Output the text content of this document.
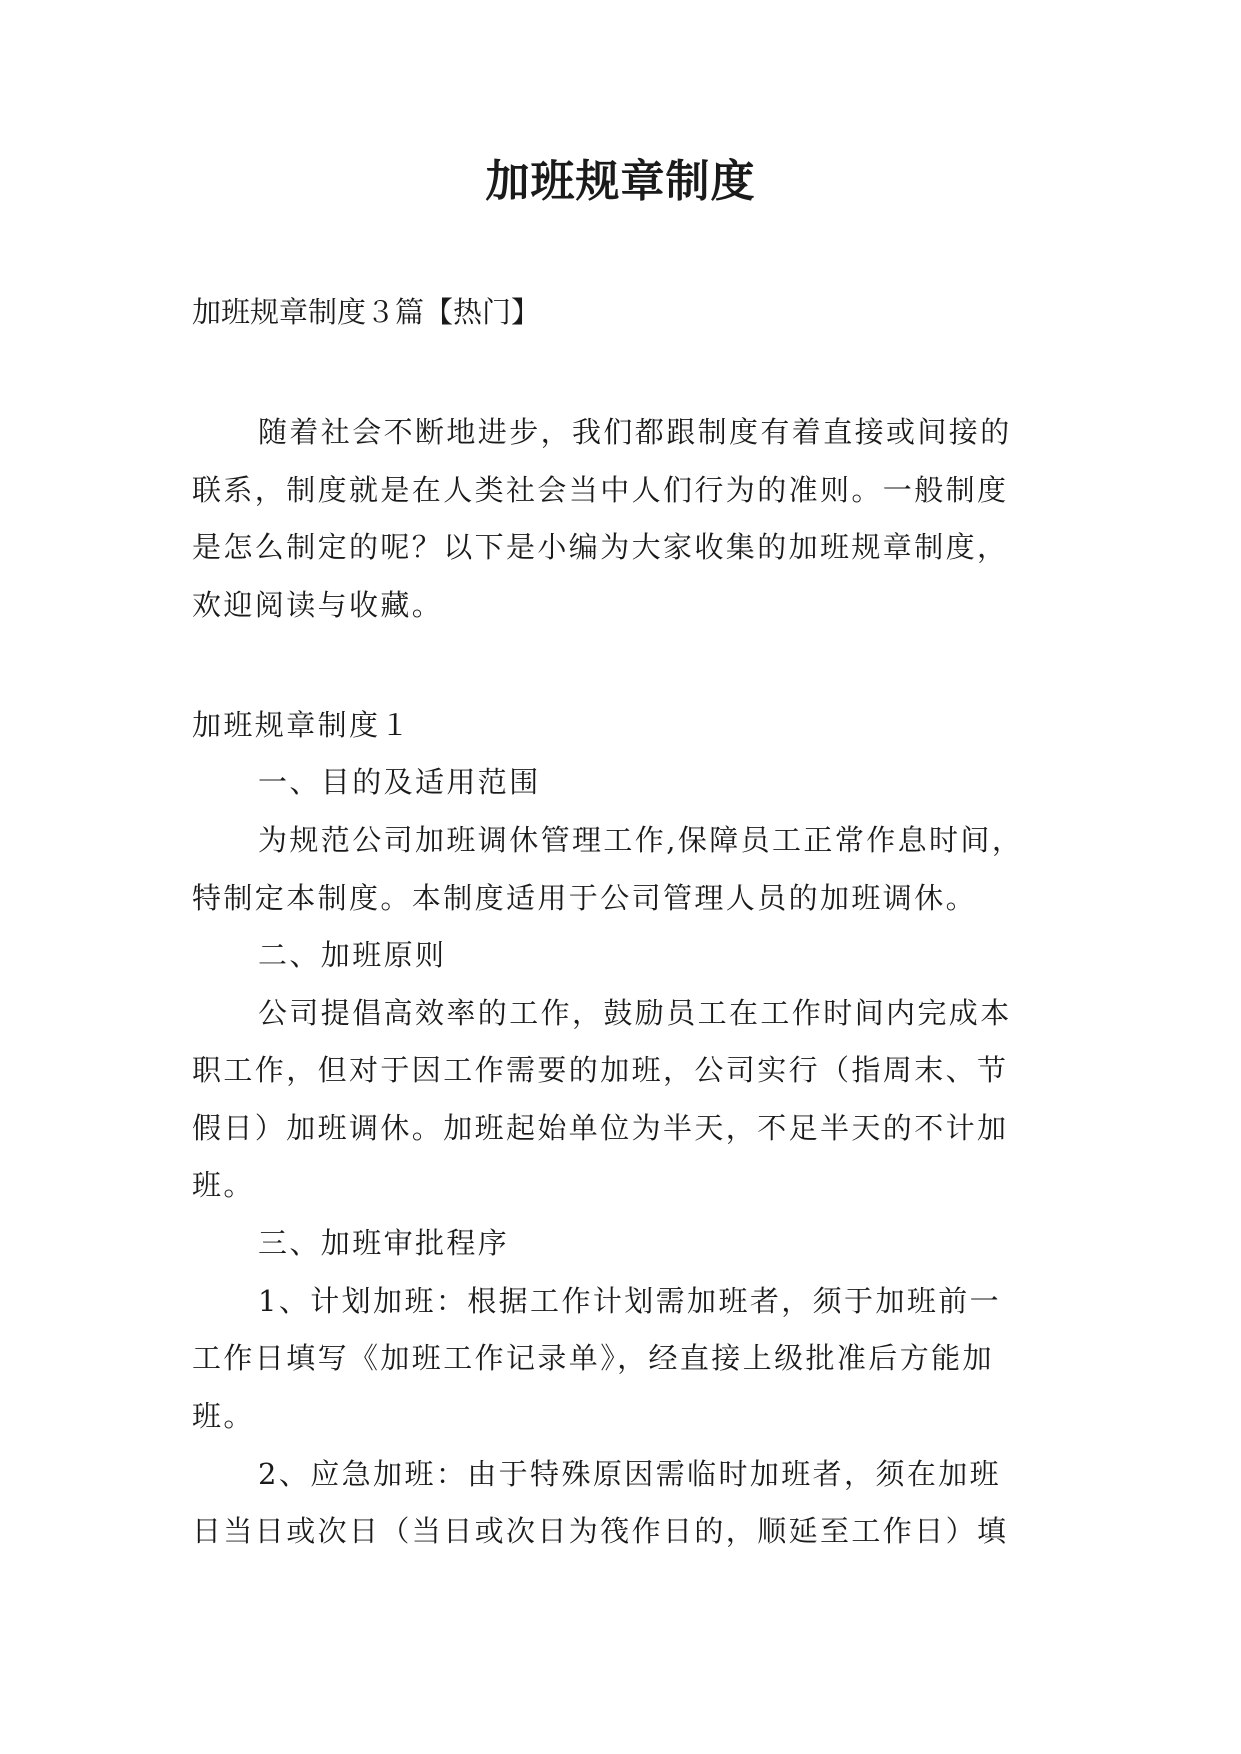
加班规章制度
加班规章制度３篇【热门】
随着社会不断地进步，我们都跟制度有着直接或间接的
联系，制度就是在人类社会当中人们行为的准则。一般制度
是怎么制定的呢？以下是小编为大家收集的加班规章制度，
欢迎阅读与收藏。
加班规章制度１
一、目的及适用范围
为规范公司加班调休管理工作,保障员工正常作息时间，
特制定本制度。本制度适用于公司管理人员的加班调休。
二、加班原则
公司提倡高效率的工作，鼓励员工在工作时间内完成本
职工作，但对于因工作需要的加班，公司实行（指周末、节
假日）加班调休。加班起始单位为半天，不足半天的不计加
班。
三、加班审批程序
1、计划加班：根据工作计划需加班者，须于加班前一
工作日填写《加班工作记录单》，经直接上级批准后方能加
班。
2、应急加班：由于特殊原因需临时加班者，须在加班
日当日或次日（当日或次日为筏作日的，顺延至工作日）填
